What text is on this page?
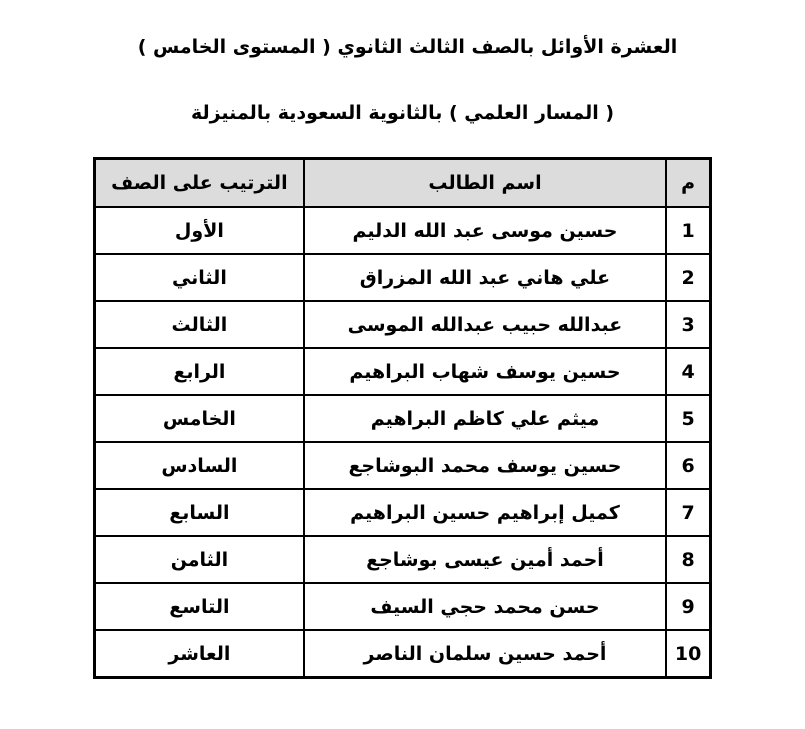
العشرة الأوائل بالصف الثالث الثانوي ( المستوى الخامس )
( المسار العلمي ) بالثانوية السعودية بالمنيزلة
م	اسم الطالب	الترتيب على الصف
1	حسين موسى عبد الله الدليم	الأول
2	علي هاني عبد الله المزراق	الثاني
3	عبدالله حبيب عبدالله الموسى	الثالث
4	حسين يوسف شهاب البراهيم	الرابع
5	ميثم علي كاظم البراهيم	الخامس
6	حسين يوسف محمد البوشاجع	السادس
7	كميل إبراهيم حسين البراهيم	السابع
8	أحمد أمين عيسى بوشاجع	الثامن
9	حسن محمد حجي السيف	التاسع
10	أحمد حسين سلمان الناصر	العاشر
